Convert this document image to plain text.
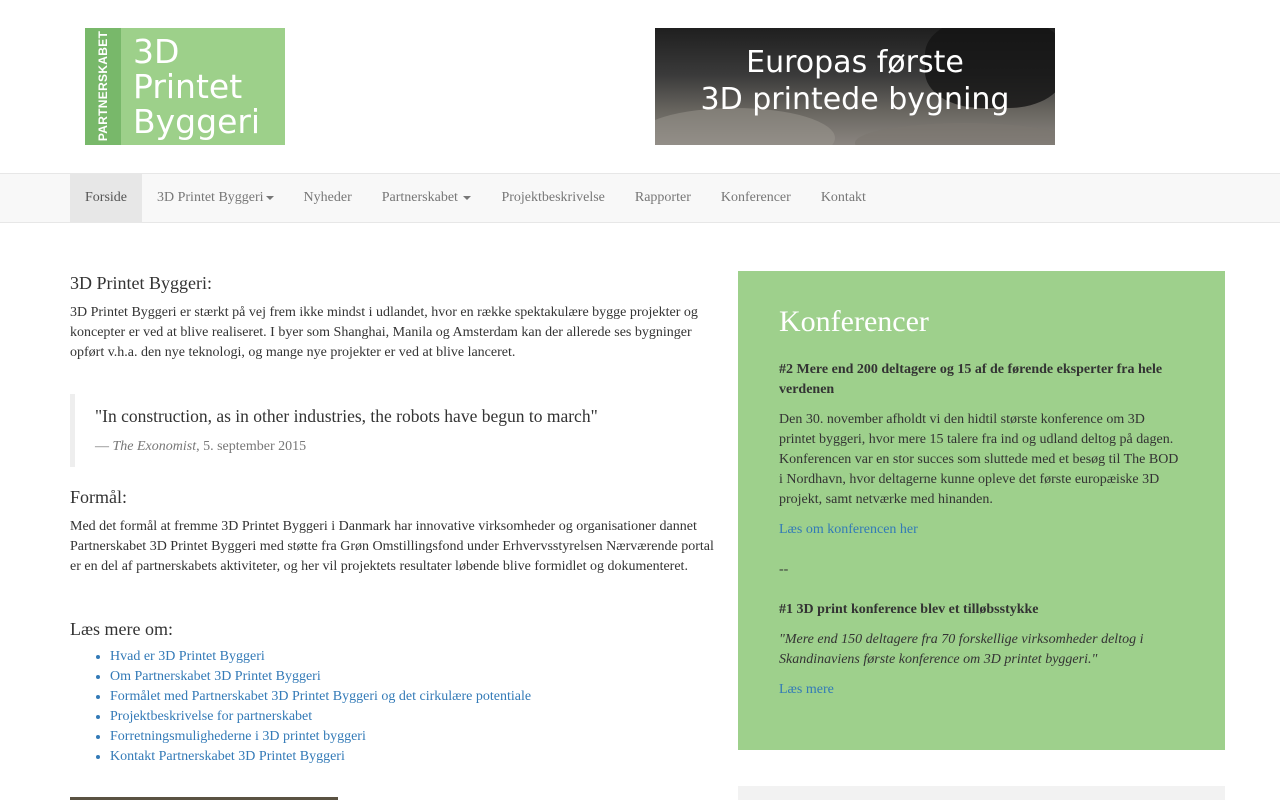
PARTNERSKABET 3D
Printet
Byggeri
Europas første
3D printede bygning
Forside	3D Printet Byggeri	Nyheder	Partnerskabet	Projektbeskrivelse	Rapporter	Konferencer	Kontakt
3D Printet Byggeri:

3D Printet Byggeri er stærkt på vej frem ikke mindst i udlandet, hvor en række spektakulære bygge projekter og koncepter er ved at blive realiseret. I byer som Shanghai, Manila og Amsterdam kan der allerede ses bygninger opført v.h.a. den nye teknologi, og mange nye projekter er ved at blive lanceret.

"In construction, as in other industries, the robots have begun to march"
— The Exonomist, 5. september 2015
Formål:

Med det formål at fremme 3D Printet Byggeri i Danmark har innovative virksomheder og organisationer dannet Partnerskabet 3D Printet Byggeri med støtte fra Grøn Omstillingsfond under Erhvervsstyrelsen Nærværende portal er en del af partnerskabets aktiviteter, og her vil projektets resultater løbende blive formidlet og dokumenteret.

Læs mere om:
• Hvad er 3D Printet Byggeri
• Om Partnerskabet 3D Printet Byggeri
• Formålet med Partnerskabet 3D Printet Byggeri og det cirkulære potentiale
• Projektbeskrivelse for partnerskabet
• Forretningsmulighederne i 3D printet byggeri
• Kontakt Partnerskabet 3D Printet Byggeri
Konferencer
#2 Mere end 200 deltagere og 15 af de førende eksperter fra hele verdenen
Den 30. november afholdt vi den hidtil største konference om 3D printet byggeri, hvor mere 15 talere fra ind og udland deltog på dagen. Konferencen var en stor succes som sluttede med et besøg til The BOD i Nordhavn, hvor deltagerne kunne opleve det første europæiske 3D projekt, samt netværke med hinanden.
Læs om konferencen her
--
#1 3D print konference blev et tilløbsstykke
"Mere end 150 deltagere fra 70 forskellige virksomheder deltog i Skandinaviens første konference om 3D printet byggeri."
Læs mere
